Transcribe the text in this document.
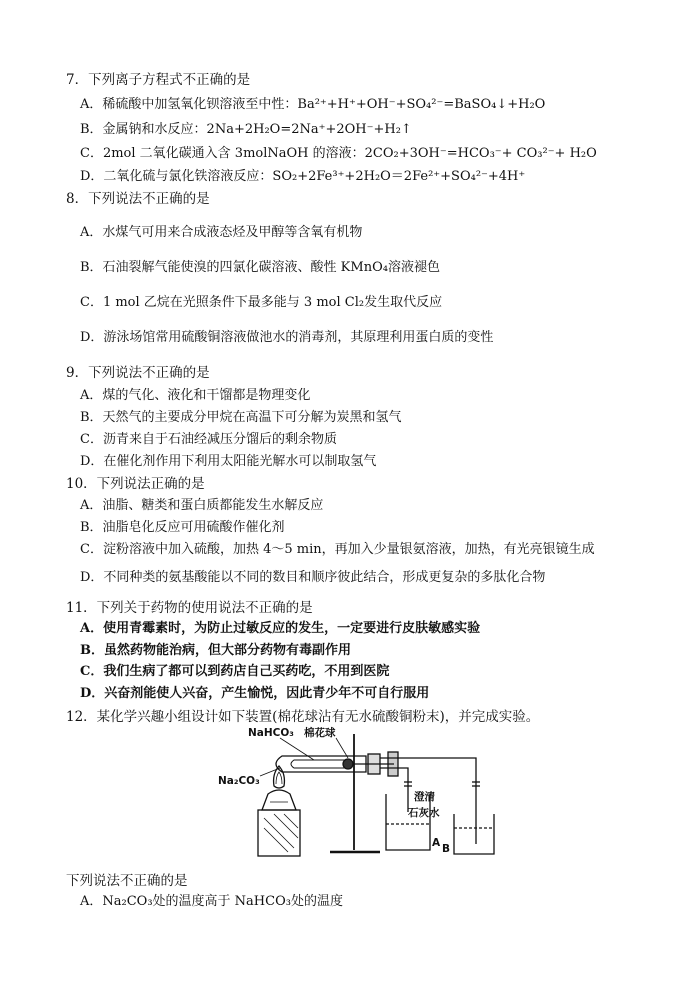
7．下列离子方程式不正确的是
A．稀硫酸中加氢氧化钡溶液至中性：Ba²⁺+H⁺+OH⁻+SO₄²⁻=BaSO₄↓+H₂O
B．金属钠和水反应：2Na+2H₂O=2Na⁺+2OH⁻+H₂↑
C．2mol 二氧化碳通入含 3molNaOH 的溶液：2CO₂+3OH⁻=HCO₃⁻+ CO₃²⁻+ H₂O
D．二氧化硫与氯化铁溶液反应：SO₂+2Fe³⁺+2H₂O＝2Fe²⁺+SO₄²⁻+4H⁺
8．下列说法不正确的是
A．水煤气可用来合成液态烃及甲醇等含氧有机物
B．石油裂解气能使溴的四氯化碳溶液、酸性 KMnO₄溶液褪色
C．1 mol 乙烷在光照条件下最多能与 3 mol Cl₂发生取代反应
D．游泳场馆常用硫酸铜溶液做池水的消毒剂，其原理利用蛋白质的变性
9．下列说法不正确的是
A．煤的气化、液化和干馏都是物理变化
B．天然气的主要成分甲烷在高温下可分解为炭黑和氢气
C．沥青来自于石油经减压分馏后的剩余物质
D．在催化剂作用下利用太阳能光解水可以制取氢气
10．下列说法正确的是
A．油脂、糖类和蛋白质都能发生水解反应
B．油脂皂化反应可用硫酸作催化剂
C．淀粉溶液中加入硫酸，加热 4～5 min，再加入少量银氨溶液，加热，有光亮银镜生成
D．不同种类的氨基酸能以不同的数目和顺序彼此结合，形成更复杂的多肽化合物
11．下列关于药物的使用说法不正确的是
A．使用青霉素时，为防止过敏反应的发生，一定要进行皮肤敏感实验
B．虽然药物能治病，但大部分药物有毒副作用
C．我们生病了都可以到药店自己买药吃，不用到医院
D．兴奋剂能使人兴奋，产生愉悦，因此青少年不可自行服用
12．某化学兴趣小组设计如下装置(棉花球沾有无水硫酸铜粉末)，并完成实验。
NaHCO₃ 棉花球
Na₂CO₃
澄清
石灰水
A B
下列说法不正确的是
A．Na₂CO₃处的温度高于 NaHCO₃处的温度
